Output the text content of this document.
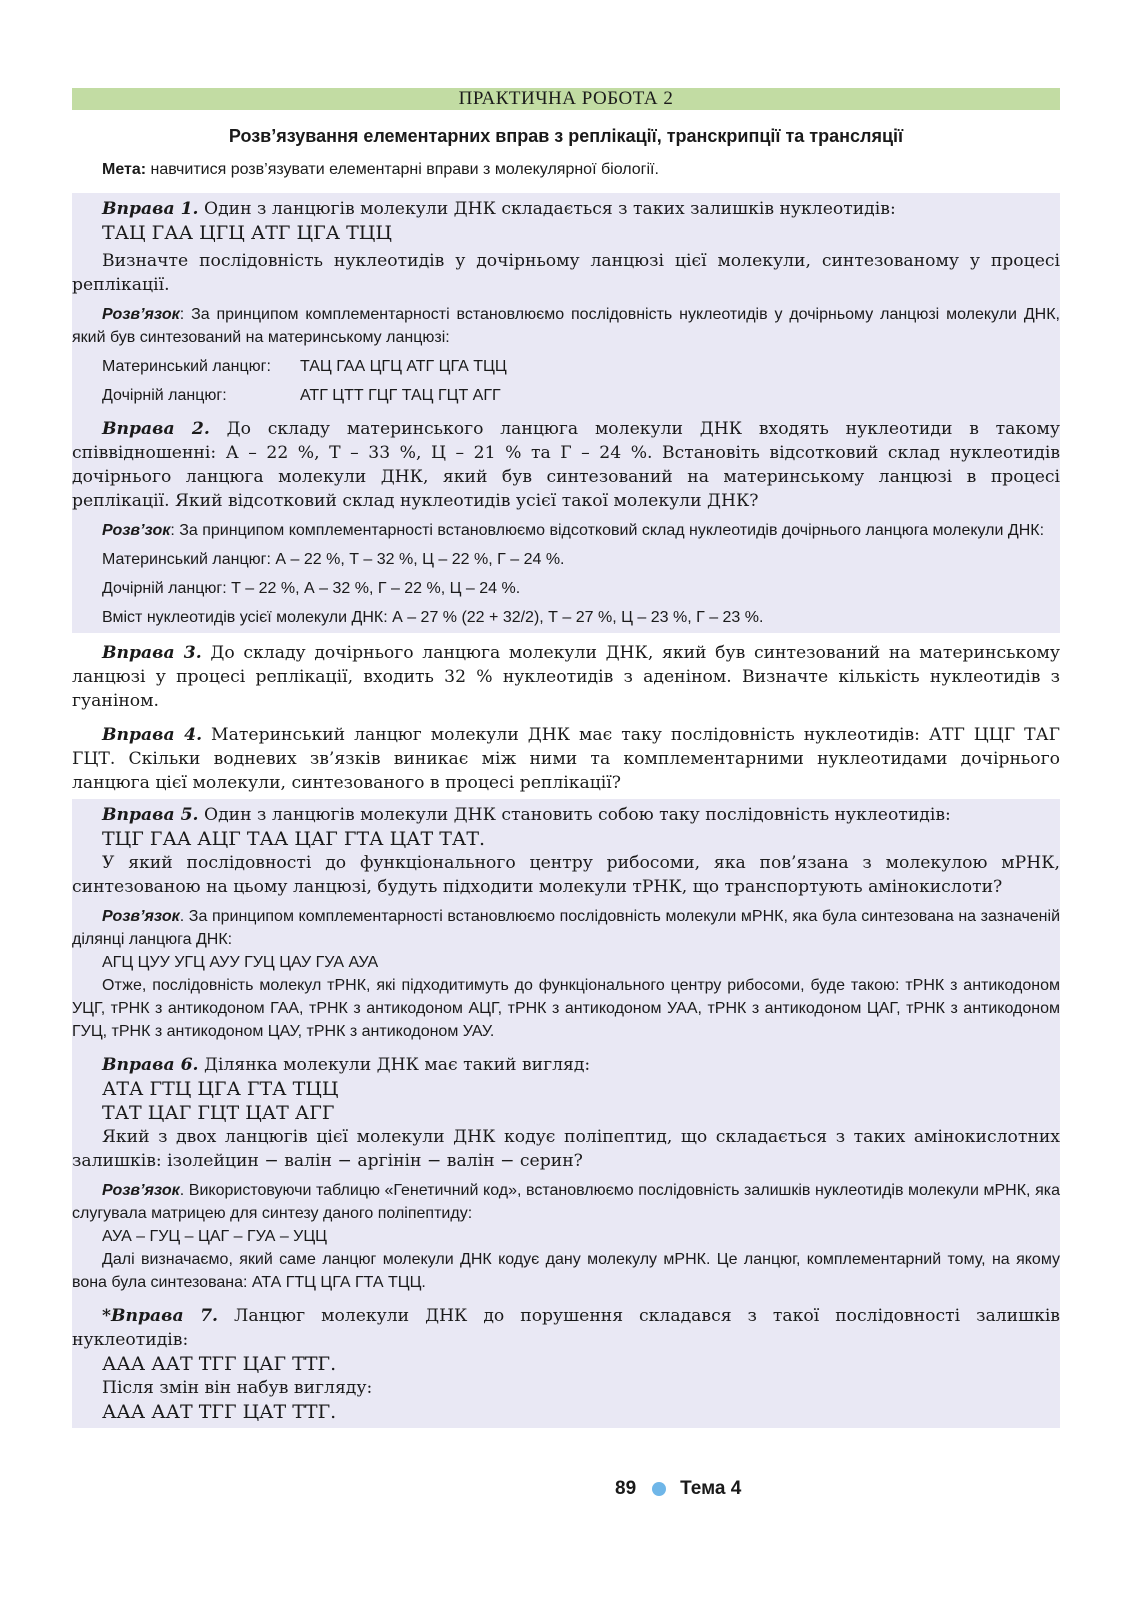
ПРАКТИЧНА РОБОТА 2
Розв’язування елементарних вправ з реплікації, транскрипції та трансляції
Мета: навчитися розв’язувати елементарні вправи з молекулярної біології.

Вправа 1. Один з ланцюгів молекули ДНК складається з таких залишків нуклеотидів:

ТАЦ ГАА ЦГЦ АТГ ЦГА ТЦЦ

Визначте послідовність нуклеотидів у дочірньому ланцюзі цієї молекули, синтезованому у процесі реплікації.

Розв’язок: За принципом комплементарності встановлюємо послідовність нуклеотидів у дочірньому ланцюзі молекули ДНК, який був синтезований на материнському ланцюзі:

Материнський ланцюг:	ТАЦ ГАА ЦГЦ АТГ ЦГА ТЦЦ
Дочірній ланцюг:	АТГ ЦТТ ГЦГ ТАЦ ГЦТ АГГ

Вправа 2. До складу материнського ланцюга молекули ДНК входять нуклеотиди в такому співвідношенні: А – 22 %, Т – 33 %, Ц – 21 % та Г – 24 %. Встановіть відсотковий склад нуклеотидів дочірнього ланцюга молекули ДНК, який був синтезований на материнському ланцюзі в процесі реплікації. Який відсотковий склад нуклеотидів усієї такої молекули ДНК?

Розв’зок: За принципом комплементарності встановлюємо відсотковий склад нуклеотидів дочірнього ланцюга молекули ДНК:

Материнський ланцюг: А – 22 %, Т – 32 %, Ц – 22 %, Г – 24 %.

Дочірній ланцюг: Т – 22 %, А – 32 %, Г – 22 %, Ц – 24 %.

Вміст нуклеотидів усієї молекули ДНК: А – 27 % (22 + 32/2), Т – 27 %, Ц – 23 %, Г – 23 %.

Вправа 3. До складу дочірнього ланцюга молекули ДНК, який був синтезований на материнському ланцюзі у процесі реплікації, входить 32 % нуклеотидів з аденіном. Визначте кількість нуклеотидів з гуаніном.

Вправа 4. Материнський ланцюг молекули ДНК має таку послідовність нуклеотидів: АТГ ЦЦГ ТАГ ГЦТ. Скільки водневих зв’язків виникає між ними та комплементарними нуклеотидами дочірнього ланцюга цієї молекули, синтезованого в процесі реплікації?

Вправа 5. Один з ланцюгів молекули ДНК становить собою таку послідовність нуклеотидів:

ТЦГ ГАА АЦГ ТАА ЦАГ ГТА ЦАТ ТАТ.

У який послідовності до функціонального центру рибосоми, яка пов’язана з молекулою мРНК, синтезованою на цьому ланцюзі, будуть підходити молекули тРНК, що транспортують амінокислоти?

Розв’язок. За принципом комплементарності встановлюємо послідовність молекули мРНК, яка була синтезована на зазначеній ділянці ланцюга ДНК:

АГЦ ЦУУ УГЦ АУУ ГУЦ ЦАУ ГУА АУА

Отже, послідовність молекул тРНК, які підходитимуть до функціонального центру рибосоми, буде такою: тРНК з антикодоном УЦГ, тРНК з антикодоном ГАА, тРНК з антикодоном АЦГ, тРНК з антикодоном УАА, тРНК з антикодоном ЦАГ, тРНК з антикодоном ГУЦ, тРНК з антикодоном ЦАУ, тРНК з антикодоном УАУ.

Вправа 6. Ділянка молекули ДНК має такий вигляд:

АТА ГТЦ ЦГА ГТА ТЦЦ
ТАТ ЦАГ ГЦТ ЦАТ АГГ

Який з двох ланцюгів цієї молекули ДНК кодує поліпептид, що складається з таких амінокислотних залишків: ізолейцин − валін − аргінін − валін − серин?

Розв’язок. Використовуючи таблицю «Генетичний код», встановлюємо послідовність залишків нуклеотидів молекули мРНК, яка слугувала матрицею для синтезу даного поліпептиду:

АУА – ГУЦ – ЦАГ – ГУА – УЦЦ

Далі визначаємо, який саме ланцюг молекули ДНК кодує дану молекулу мРНК. Це ланцюг, комплементарний тому, на якому вона була синтезована: АТА ГТЦ ЦГА ГТА ТЦЦ.

*Вправа 7. Ланцюг молекули ДНК до порушення складався з такої послідовності залишків нуклеотидів:

ААА ААТ ТГГ ЦАГ ТТГ.

Після змін він набув вигляду:

ААА ААТ ТГГ ЦАТ ТТГ.
89 Тема 4
